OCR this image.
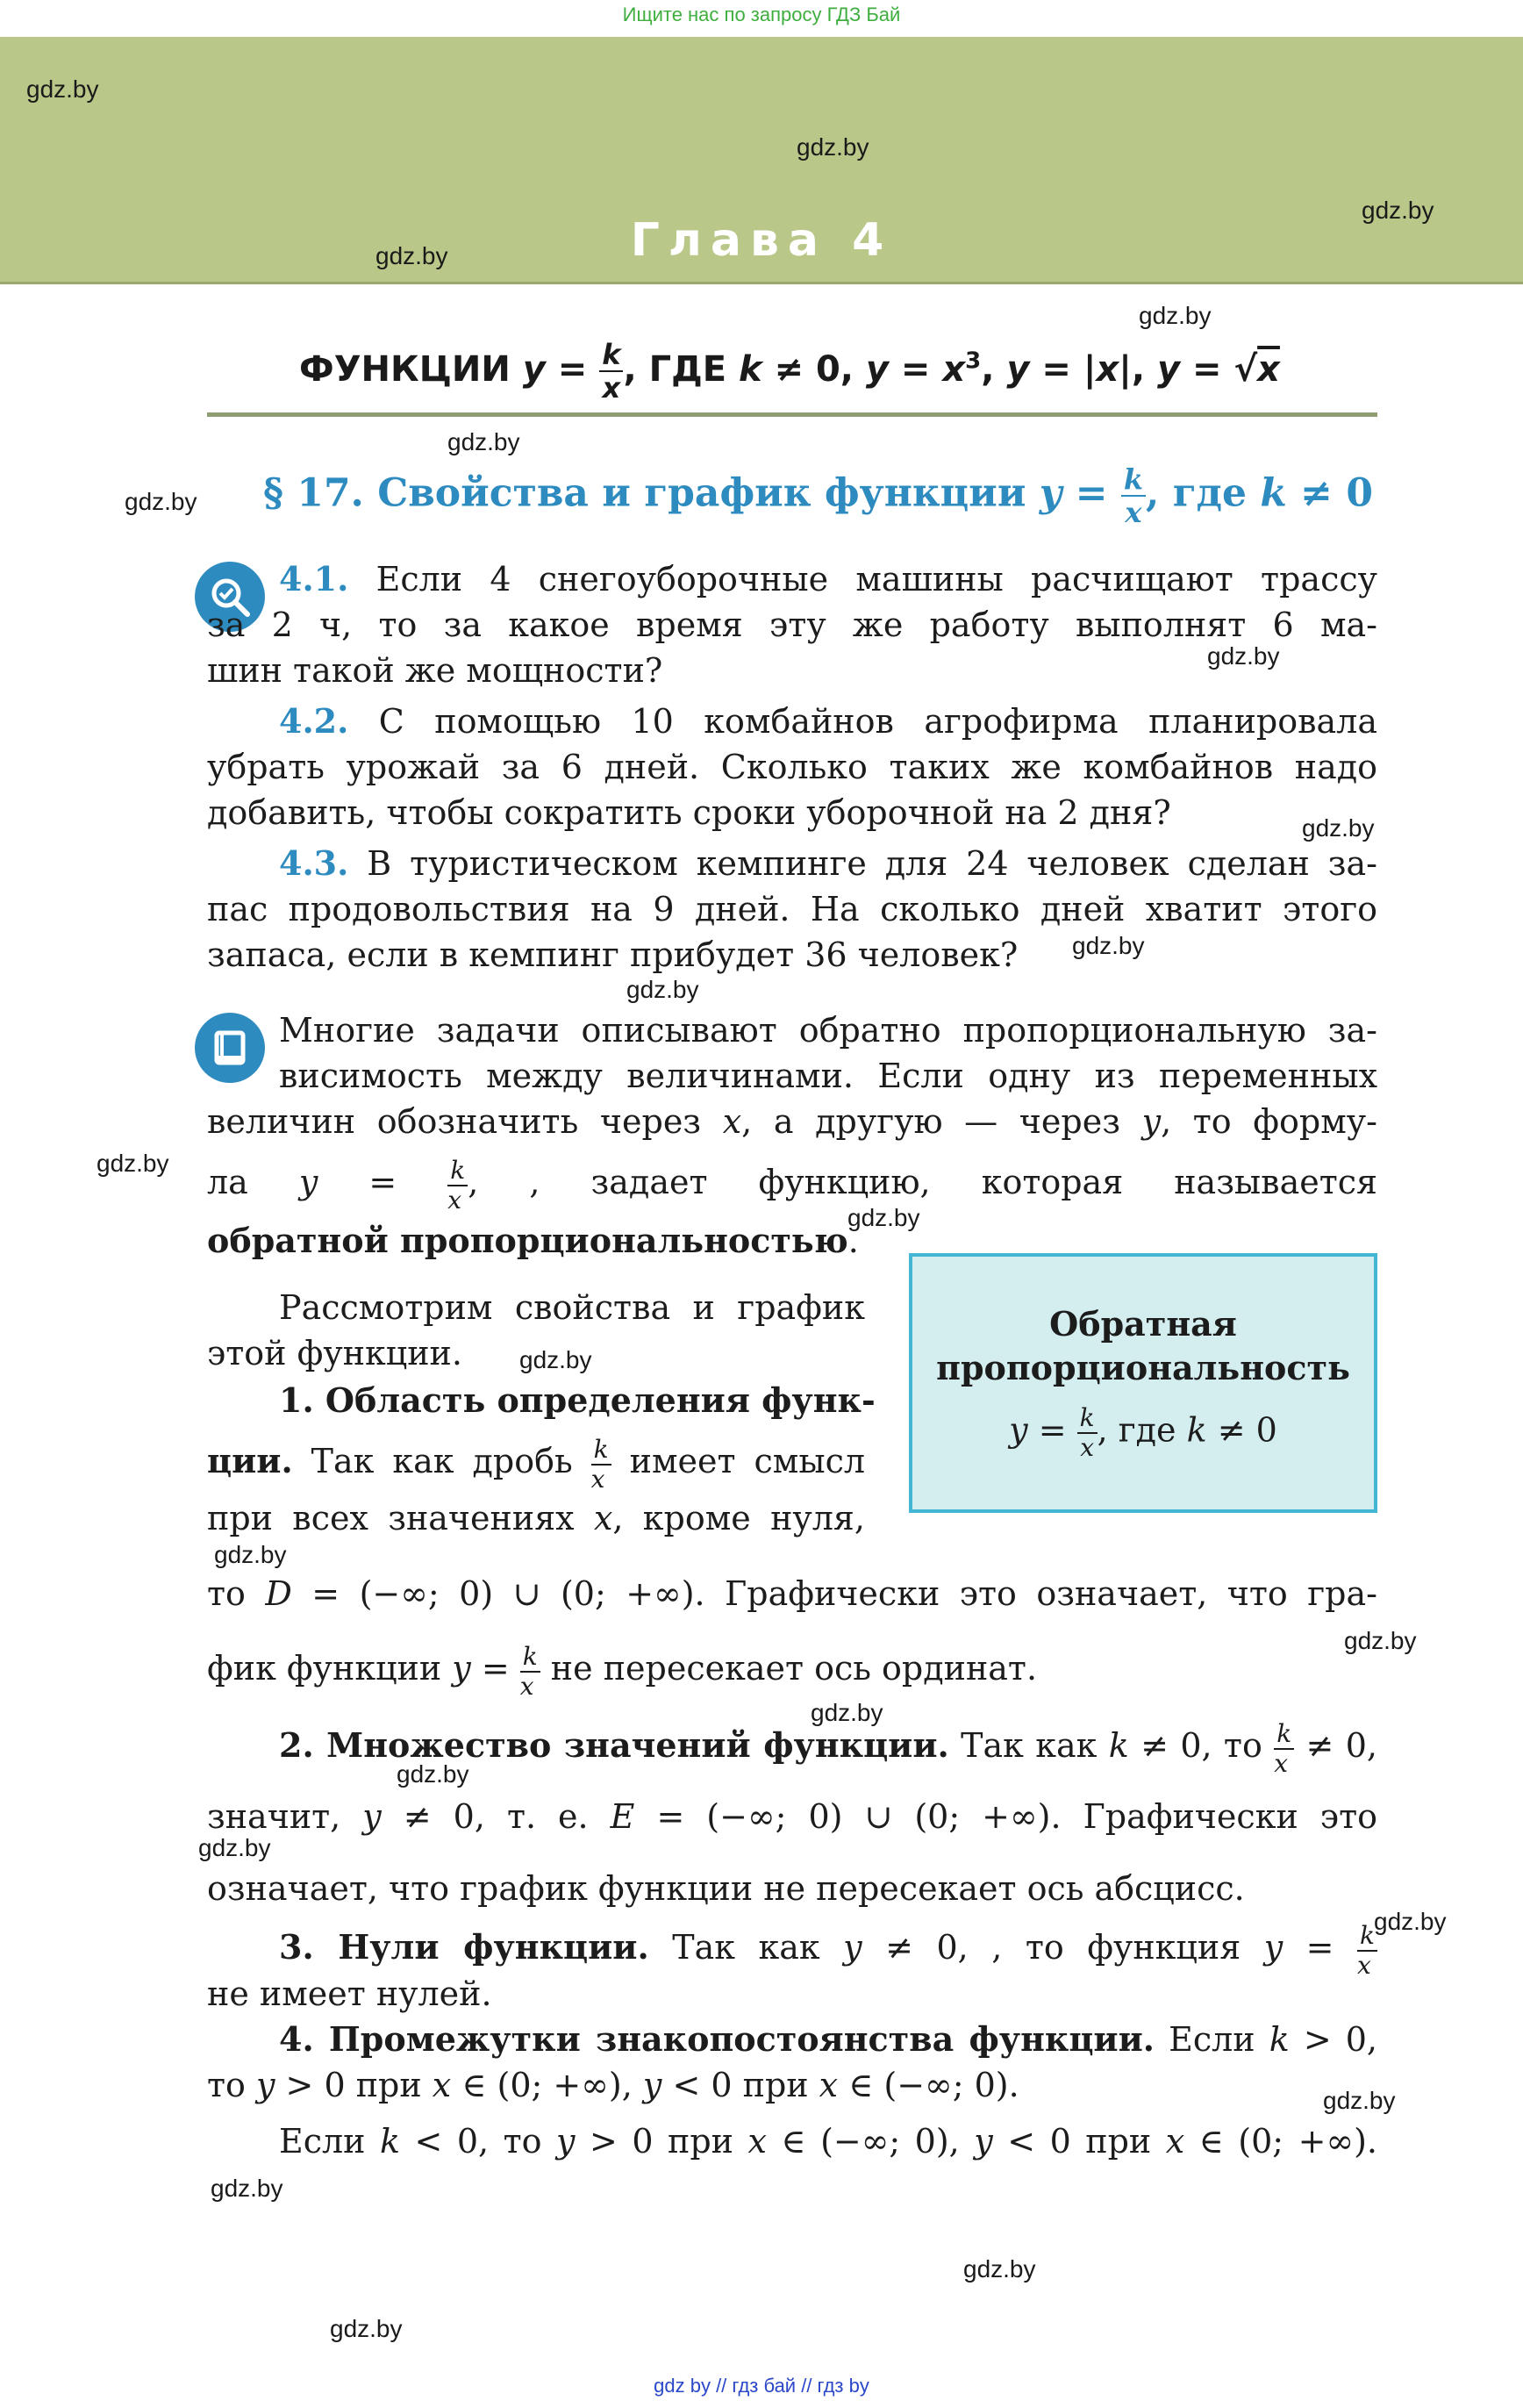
Ищите нас по запросу ГДЗ Бай
Глава 4
gdz.by
gdz.by
gdz.by
gdz.by
gdz.by
gdz.by
gdz.by
gdz.by
gdz.by
gdz.by
gdz.by
gdz.by
gdz.by
gdz.by
gdz.by
gdz.by
gdz.by
gdz.by
gdz.by
gdz.by
gdz.by
gdz.by
gdz.by
gdz.by
ФУНКЦИИ $y = \frac{k}{x}$ , ГДЕ k ≠ 0, $y = x^3$, y = |x|, y = √x
§ 17. Свойства и график функции $y = \frac{k}{x}$ , где k ≠ 0
4.1. Если 4 снегоуборочные машины расчищают трассу
за 2 ч, то за какое время эту же работу выполнят 6 ма-
шин такой же мощности?
4.2. С помощью 10 комбайнов агрофирма планировала
убрать урожай за 6 дней. Сколько таких же комбайнов надо
добавить, чтобы сократить сроки уборочной на 2 дня?
4.3. В туристическом кемпинге для 24 человек сделан за-
пас продовольствия на 9 дней. На сколько дней хватит этого
запаса, если в кемпинг прибудет 36 человек?
Многие задачи описывают обратно пропорциональную за-
висимость между величинами. Если одну из переменных
величин обозначить через x, а другую — через y, то форму-
ла $y = \frac{k}{x}$ , , задает функцию, которая называется
обратной пропорциональностью.
Обратная
пропорциональность
$y = \frac{k}{x}$ , где k ≠ 0
Рассмотрим свойства и график
этой функции.
1. Область определения функ-
ции. Так как дробь $\frac{k}{x}$ имеет смысл
при всех значениях x, кроме нуля,
то D = (−∞; 0) ∪ (0; +∞). Графически это означает, что гра-
фик функции $y = \frac{k}{x}$ не пересекает ось ординат.
2. Множество значений функции. Так как k ≠ 0, то $\frac{k}{x} \ne 0$,
значит, y ≠ 0, т. е. E = (−∞; 0) ∪ (0; +∞). Графически это
означает, что график функции не пересекает ось абсцисс.
3. Нули функции. Так как y ≠ 0, , то функция $y = \frac{k}{x}$
не имеет нулей.
4. Промежутки знакопостоянства функции. Если k > 0,
то y > 0 при x ∈ (0; +∞), y < 0 при x ∈ (−∞; 0).
Если k < 0, то y > 0 при x ∈ (−∞; 0), y < 0 при x ∈ (0; +∞).
gdz by // гдз бай // гдз by
